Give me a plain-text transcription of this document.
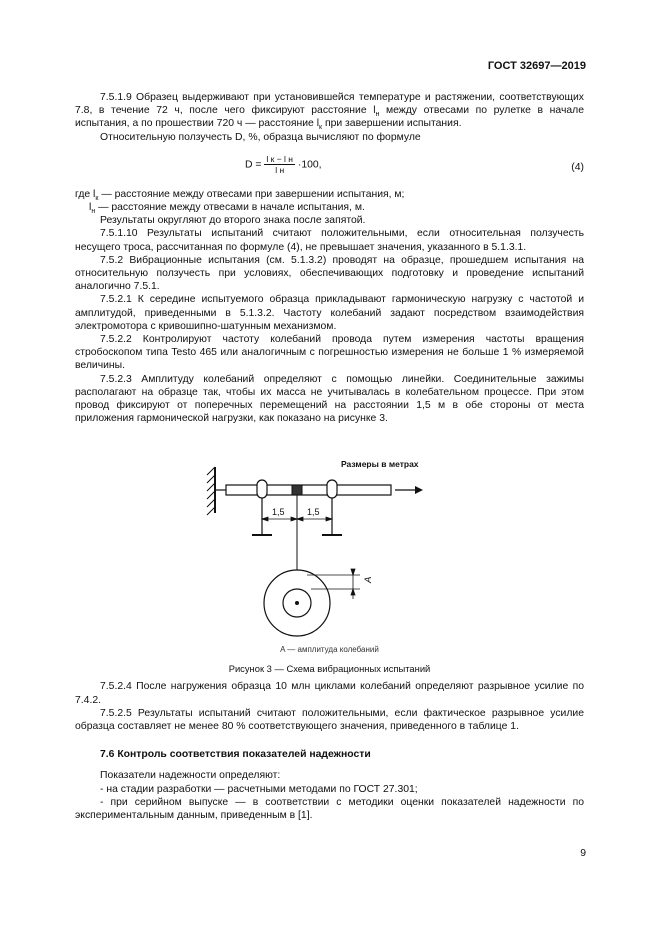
ГОСТ 32697—2019

7.5.1.9 Образец выдерживают при установившейся температуре и растяжении, соответствующих 7.8, в течение 72 ч, после чего фиксируют расстояние $l_н$ между отвесами по рулетке в начале испытания, а по прошествии 720 ч — расстояние $l_к$ при завершении испытания.

Относительную ползучесть D, %, образца вычисляют по формуле

$D = \frac{\text{l к − l н}}{\text{l н}} \cdot 100$,	(4)

где $l_к$ — расстояние между отвесами при завершении испытания, м;

$l_н$ — расстояние между отвесами в начале испытания, м.

Результаты округляют до второго знака после запятой.

7.5.1.10 Результаты испытаний считают положительными, если относительная ползучесть несущего троса, рассчитанная по формуле (4), не превышает значения, указанного в 5.1.3.1.

7.5.2 Вибрационные испытания (см. 5.1.3.2) проводят на образце, прошедшем испытания на относительную ползучесть при условиях, обеспечивающих подготовку и проведение испытаний аналогично 7.5.1.

7.5.2.1 К середине испытуемого образца прикладывают гармоническую нагрузку с частотой и амплитудой, приведенными в 5.1.3.2. Частоту колебаний задают посредством взаимодействия электромотора с кривошипно-шатунным механизмом.

7.5.2.2 Контролируют частоту колебаний провода путем измерения частоты вращения стробоскопом типа Testo 465 или аналогичным с погрешностью измерения не больше 1 % измеряемой величины.

7.5.2.3 Амплитуду колебаний определяют с помощью линейки. Соединительные зажимы располагают на образце так, чтобы их масса не учитывалась в колебательном процессе. При этом провод фиксируют от поперечных перемещений на расстоянии 1,5 м в обе стороны от места приложения гармонической нагрузки, как показано на рисунке 3.

Размеры в метрах
1,5 1,5
A
A — амплитуда колебаний
Рисунок 3 — Схема вибрационных испытаний

7.5.2.4 После нагружения образца 10 млн циклами колебаний определяют разрывное усилие по 7.4.2.

7.5.2.5 Результаты испытаний считают положительными, если фактическое разрывное усилие образца составляет не менее 80 % соответствующего значения, приведенного в таблице 1.

7.6 Контроль соответствия показателей надежности

Показатели надежности определяют:

- на стадии разработки — расчетными методами по ГОСТ 27.301;

- при серийном выпуске — в соответствии с методики оценки показателей надежности по экспериментальным данным, приведенным в [1].

9
